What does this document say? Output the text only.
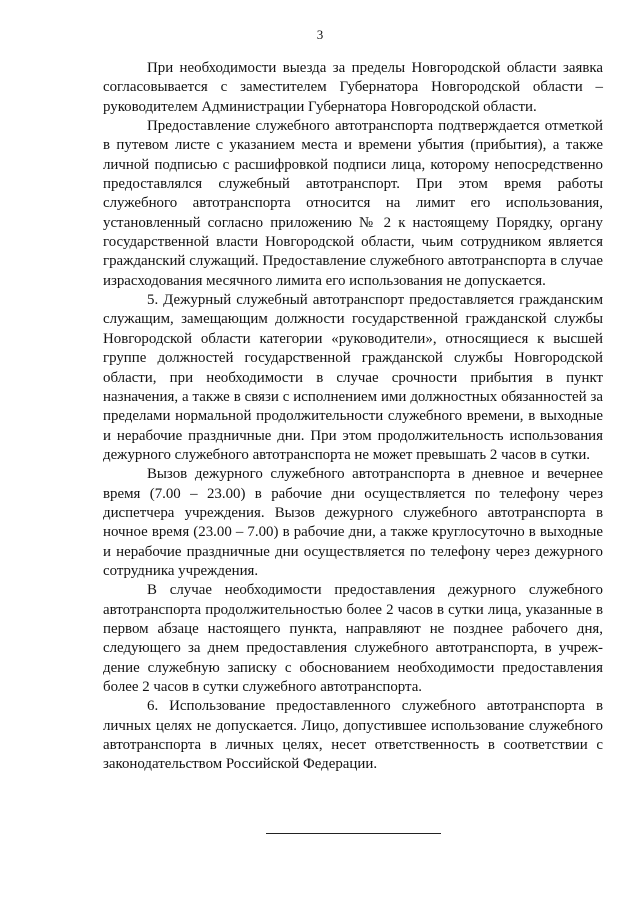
3

При необходимости выезда за пределы Новгородской области заявка согласовывается с заместителем Губернатора Новгородской области – руководителем Администрации Губернатора Новгородской области.

Предоставление служебного автотранспорта подтверждается отметкой в путевом листе с указанием места и времени убытия (прибытия), а также личной подписью с расшифровкой подписи лица, которому непосредственно предоставлялся служебный автотранспорт. При этом время работы служебного автотранспорта относится на лимит его использования, установленный согласно приложению № 2 к настоящему Порядку, органу государственной власти Новгородской области, чьим сотрудником является гражданский служащий. Предоставление служебного автотранспорта в случае израсходования месячного лимита его использования не допускается.

5. Дежурный служебный автотранспорт предоставляется гражданским служащим, замещающим должности государственной гражданской службы Новгородской области категории «руководители», относящиеся к высшей группе должностей государственной гражданской службы Новгородской области, при необходимости в случае срочности прибытия в пункт назначения, а также в связи с исполнением ими должностных обязанностей за пределами нормальной продолжительности служебного времени, в выходные и нерабочие праздничные дни. При этом продолжительность использования дежурного служебного автотранспорта не может превышать 2 часов в сутки.

Вызов дежурного служебного автотранспорта в дневное и вечернее время (7.00 – 23.00) в рабочие дни осуществляется по телефону через диспетчера учреждения. Вызов дежурного служебного автотранспорта в ночное время (23.00 – 7.00) в рабочие дни, а также круглосуточно в выходные и нерабочие праздничные дни осуществляется по телефону через дежурного сотрудника учреждения.

В случае необходимости предоставления дежурного служебного автотранспорта продолжительностью более 2 часов в сутки лица, указанные в первом абзаце настоящего пункта, направляют не позднее рабочего дня, следующего за днем предоставления служебного автотранспорта, в учреждение служебную записку с обоснованием необходимости предоставления более 2 часов в сутки служебного автотранспорта.

6. Использование предоставленного служебного автотранспорта в личных целях не допускается. Лицо, допустившее использование служебного автотранспорта в личных целях, несет ответственность в соответствии с законодательством Российской Федерации.
